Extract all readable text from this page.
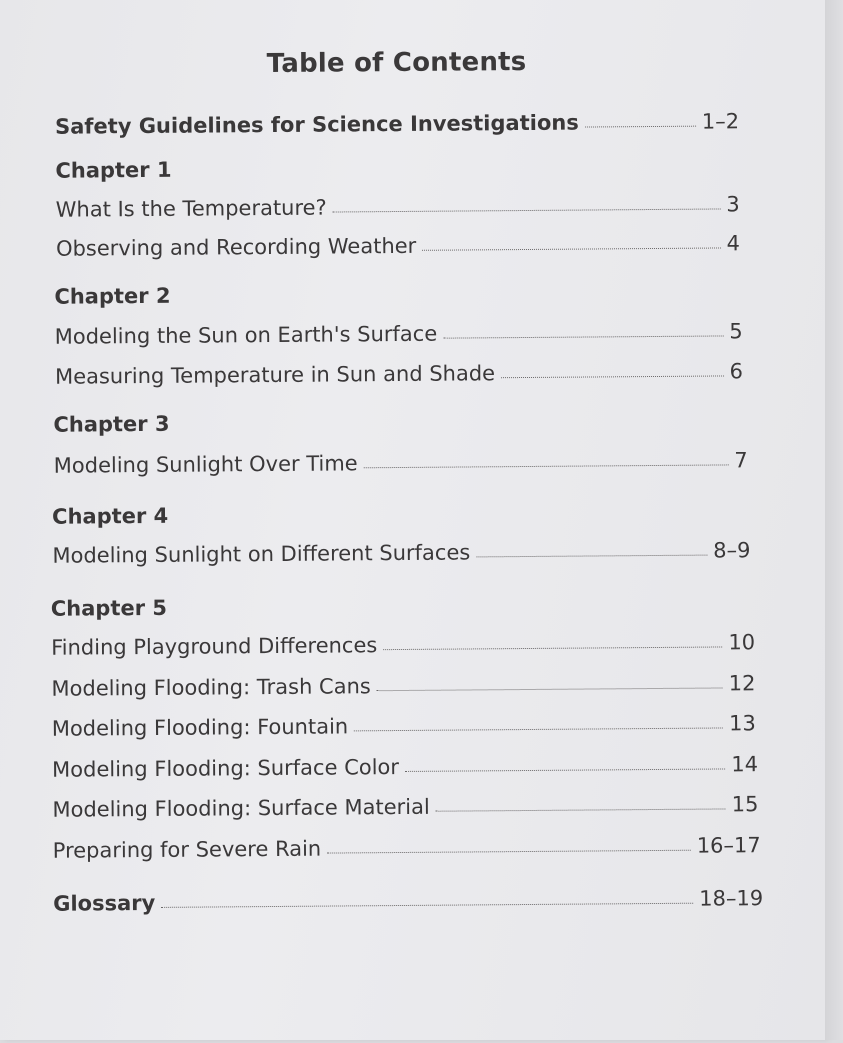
Table of Contents
Safety Guidelines for Science Investigations	1–2
Chapter 1
What Is the Temperature?	3
Observing and Recording Weather	4
Chapter 2
Modeling the Sun on Earth's Surface	5
Measuring Temperature in Sun and Shade	6
Chapter 3
Modeling Sunlight Over Time	7
Chapter 4
Modeling Sunlight on Different Surfaces	8–9
Chapter 5
Finding Playground Differences	10
Modeling Flooding: Trash Cans	12
Modeling Flooding: Fountain	13
Modeling Flooding: Surface Color	14
Modeling Flooding: Surface Material	15
Preparing for Severe Rain	16–17
Glossary	18–19
